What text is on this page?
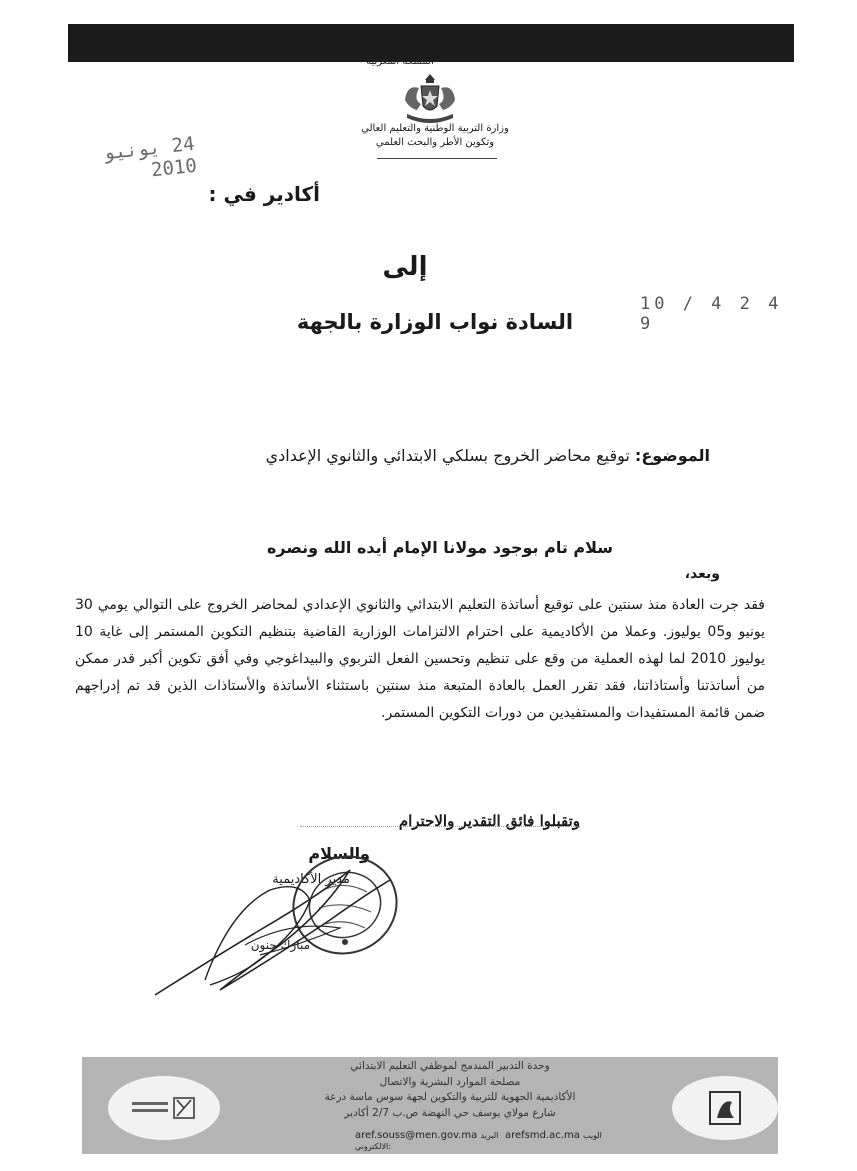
المملكة المغربية
وزارة التربية الوطنية والتعليم العالي
وتكوين الأطر والبحث العلمي
24 يونيو 2010
أكادير في :
إلى
10 / 4 2 4 9
السادة نواب الوزارة بالجهة
الموضوع: توقيع محاضر الخروج بسلكي الابتدائي والثانوي الإعدادي
سلام تام بوجود مولانا الإمام أيده الله ونصره
وبعد،
فقد جرت العادة منذ سنتين على توقيع أساتذة التعليم الابتدائي والثانوي الإعدادي لمحاضر الخروج على التوالي يومي 30 يونيو و05 يوليوز. وعملا من الأكاديمية على احترام الالتزامات الوزارية القاضية بتنظيم التكوين المستمر إلى غاية 10 يوليوز 2010 لما لهذه العملية من وقع على تنظيم وتحسين الفعل التربوي والبيداغوجي وفي أفق تكوين أكبر قدر ممكن من أساتذتنا وأستاذاتنا، فقد تقرر العمل بالعادة المتبعة منذ سنتين باستثناء الأساتذة والأستاذات الذين قد تم إدراجهم ضمن قائمة المستفيدات والمستفيدين من دورات التكوين المستمر.
وتقبلوا فائق التقدير والاحترام
والسلام
مدير الأكاديمية
مبارك حنون
وحدة التدبير المندمج لموظفي التعليم الابتدائي
مصلحة الموارد البشرية والاتصال
الأكاديمية الجهوية للتربية والتكوين لجهة سوس ماسة درعة
شارع مولاي يوسف حي النهضة ص.ب 2/7 أكادير
aref.souss@men.gov.ma البريد الالكتروني:
arefsmd.ac.ma الويب
